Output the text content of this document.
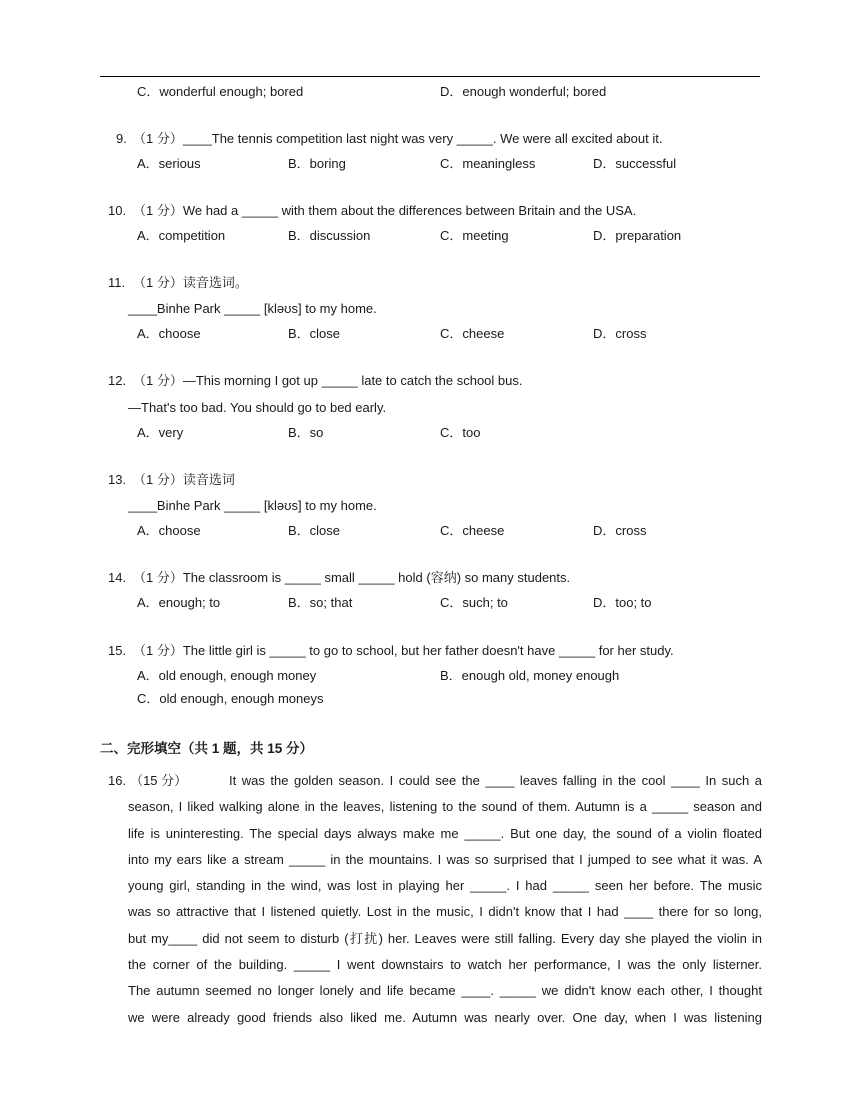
C．wonderful enough; bored	D．enough wonderful; bored
9. （1 分）____The tennis competition last night was very _____. We were all excited about it.
A．serious	B．boring	C．meaningless	D．successful
10. （1 分）We had a _____ with them about the differences between Britain and the USA.
A．competition	B．discussion	C．meeting	D．preparation
11. （1 分）读音选词。
____Binhe Park _____ [kləʊs] to my home.
A．choose	B．close	C．cheese	D．cross
12. （1 分）—This morning I got up _____ late to catch the school bus.
—That's too bad. You should go to bed early.
A．very	B．so	C．too
13. （1 分）读音选词
____Binhe Park _____ [kləʊs] to my home.
A．choose	B．close	C．cheese	D．cross
14. （1 分）The classroom is _____ small _____ hold (容纳) so many students.
A．enough; to	B．so; that	C．such; to	D．too; to
15. （1 分）The little girl is _____ to go to school, but her father doesn't have _____ for her study.
A．old enough, enough money	B．enough old, money enough
C．old enough, enough moneys
二、完形填空（共 1 题，共 15 分）
16. （15 分）	It was the golden season. I could see the ____ leaves falling in the cool ____ In such a
season, I liked walking alone in the leaves, listening to the sound of them. Autumn is a _____ season and
life is uninteresting. The special days always make me _____. But one day, the sound of a violin floated
into my ears like a stream _____ in the mountains. I was so surprised that I jumped to see what it was. A
young girl, standing in the wind, was lost in playing her _____. I had _____ seen her before. The music
was so attractive that I listened quietly. Lost in the music, I didn't know that I had ____ there for so long,
but my____ did not seem to disturb (打扰) her. Leaves were still falling. Every day she played the violin in
the corner of the building. _____ I went downstairs to watch her performance, I was the only listerner.
The autumn seemed no longer lonely and life became ____. _____ we didn't know each other, I thought
we were already good friends also liked me. Autumn was nearly over. One day, when I was listening
